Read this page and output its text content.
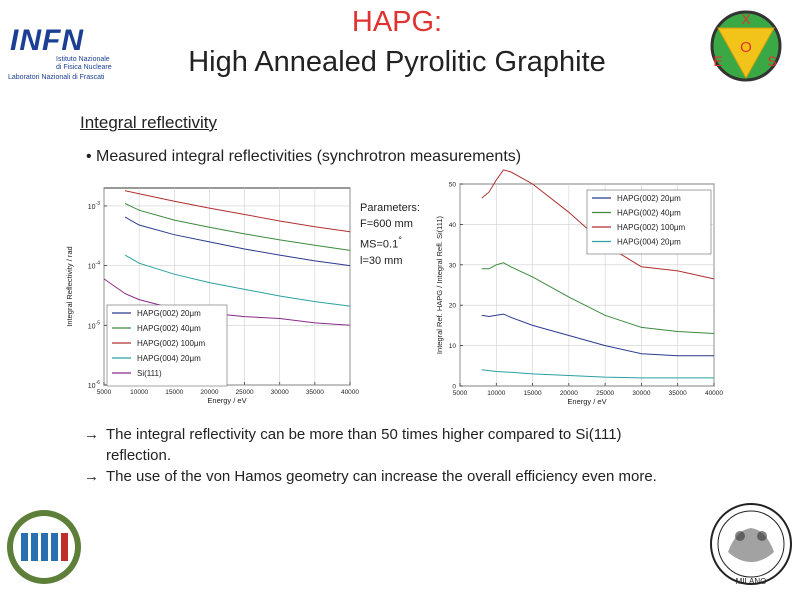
INFN
Istituto Nazionale
di Fisica Nucleare
Laboratori Nazionali di Frascati
HAPG:
High Annealed Pyrolitic Graphite
X
O
E	S
Integral reflectivity
• Measured integral reflectivities (synchrotron measurements)
5000	10000	15000	20000	25000	30000	35000	40000
$10^{-3}$
$10^{-4}$
$10^{-5}$
$10^{-6}$
Energy / eV
Integral Reflectivity / rad	HAPG(002) 20μm
HAPG(002) 40μm
HAPG(002) 100μm
HAPG(004) 20μm
Si(111)
Parameters:
F=600 mm
MS=0.1°
l=30 mm
5000	10000	15000	20000	25000	30000	35000	40000
0
10
20
30
40
50
Energy / eV
Integral Ref. HAPG / Integral Refl. Si(111)
HAPG(002) 20μm
HAPG(002) 40μm
HAPG(002) 100μm
HAPG(004) 20μm
→ The integral reflectivity can be more than 50 times higher compared to Si(111) reflection.
→ The use of the von Hamos geometry can increase the overall efficiency even more.
MILANO
